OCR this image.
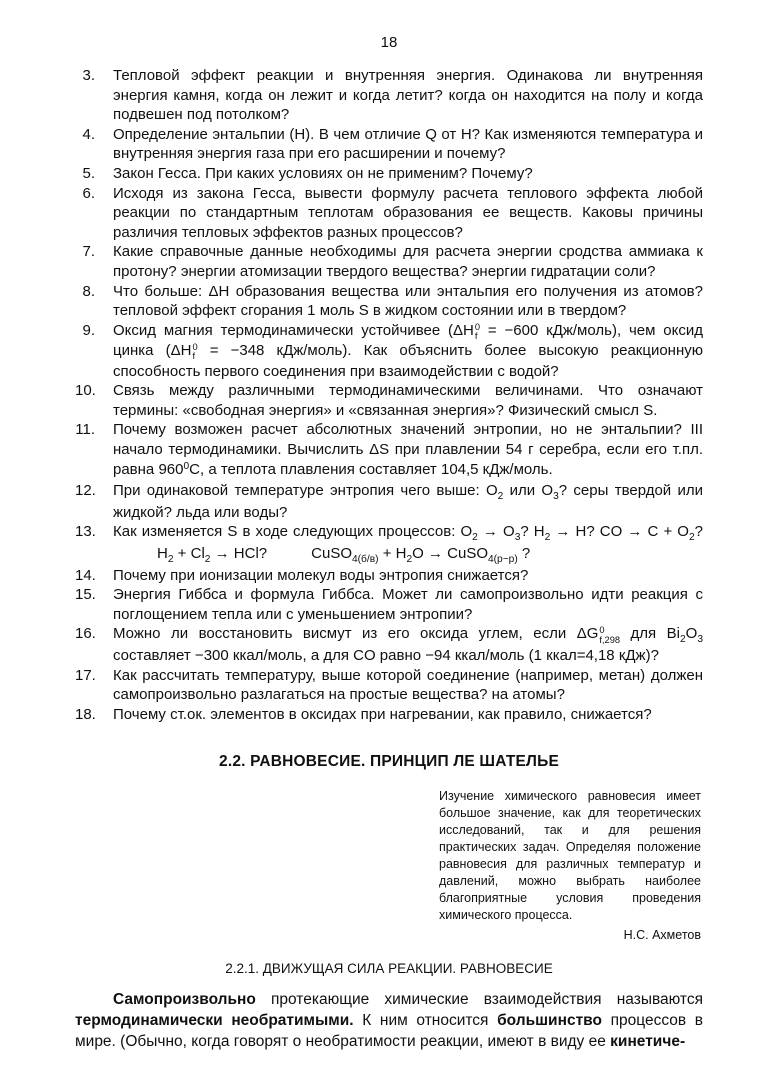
18
3. Тепловой эффект реакции и внутренняя энергия. Одинакова ли внутренняя энергия камня, когда он лежит и когда летит? когда он находится на полу и когда подвешен под потолком?
4. Определение энтальпии (H). В чем отличие Q от H? Как изменяются температура и внутренняя энергия газа при его расширении и почему?
5. Закон Гесса. При каких условиях он не применим? Почему?
6. Исходя из закона Гесса, вывести формулу расчета теплового эффекта любой реакции по стандартным теплотам образования ее веществ. Каковы причины различия тепловых эффектов разных процессов?
7. Какие справочные данные необходимы для расчета энергии сродства аммиака к протону? энергии атомизации твердого вещества? энергии гидратации соли?
8. Что больше: ΔH образования вещества или энтальпия его получения из атомов? тепловой эффект сгорания 1 моль S в жидком состоянии или в твердом?
9. Оксид магния термодинамически устойчивее (ΔH 0
f = −600 кДж/моль), чем оксид цинка (ΔH 0
f = −348 кДж/моль). Как объяснить более высокую реакционную способность первого соединения при взаимодействии с водой?
10. Связь между различными термодинамическими величинами. Что означают термины: «свободная энергия» и «связанная энергия»? Физический смысл S.
11. Почему возможен расчет абсолютных значений энтропии, но не энтальпии? III начало термодинамики. Вычислить ΔS при плавлении 54 г серебра, если его т.пл. равна $960^0С$, а теплота плавления составляет 104,5 кДж/моль.
12. При одинаковой температуре энтропия чего выше: $O_2$ или $O_3$? серы твердой или жидкой? льда или воды?
13. Как изменяется S в ходе следующих процессов: $O_2 \to O_3$? $H_2 \to H$? CO → $C + O_2?H_2 + Cl_2$ → HCl?	CuSO$_{4(б/в)}$ + $H_2O$ → CuSO$_{4(р-р)}$ ?
14. Почему при ионизации молекул воды энтропия снижается?
15. Энергия Гиббса и формула Гиббса. Может ли самопроизвольно идти реакция с поглощением тепла или с уменьшением энтропии?
16. Можно ли восстановить висмут из его оксида углем, если ΔG 0
f,298 для $Bi_2O_3$ составляет −300 ккал/моль, а для CO равно −94 ккал/моль (1 ккал=4,18 кДж)?
17. Как рассчитать температуру, выше которой соединение (например, метан) должен самопроизвольно разлагаться на простые вещества? на атомы?
18. Почему ст.ок. элементов в оксидах при нагревании, как правило, снижается?
2.2. РАВНОВЕСИЕ. ПРИНЦИП ЛЕ ШАТЕЛЬЕ

Изучение химического равновесия имеет большое значение, как для теоретических исследований, так и для решения практических задач. Определяя положение равновесия для различных температур и давлений, можно выбрать наиболее благоприятные условия проведения химического процесса.

Н.С. Ахметов
2.2.1. ДВИЖУЩАЯ СИЛА РЕАКЦИИ. РАВНОВЕСИЕ

Самопроизвольно протекающие химические взаимодействия называются термодинамически необратимыми. К ним относится большинство процессов в мире. (Обычно, когда говорят о необратимости реакции, имеют в виду ее кинетиче-
